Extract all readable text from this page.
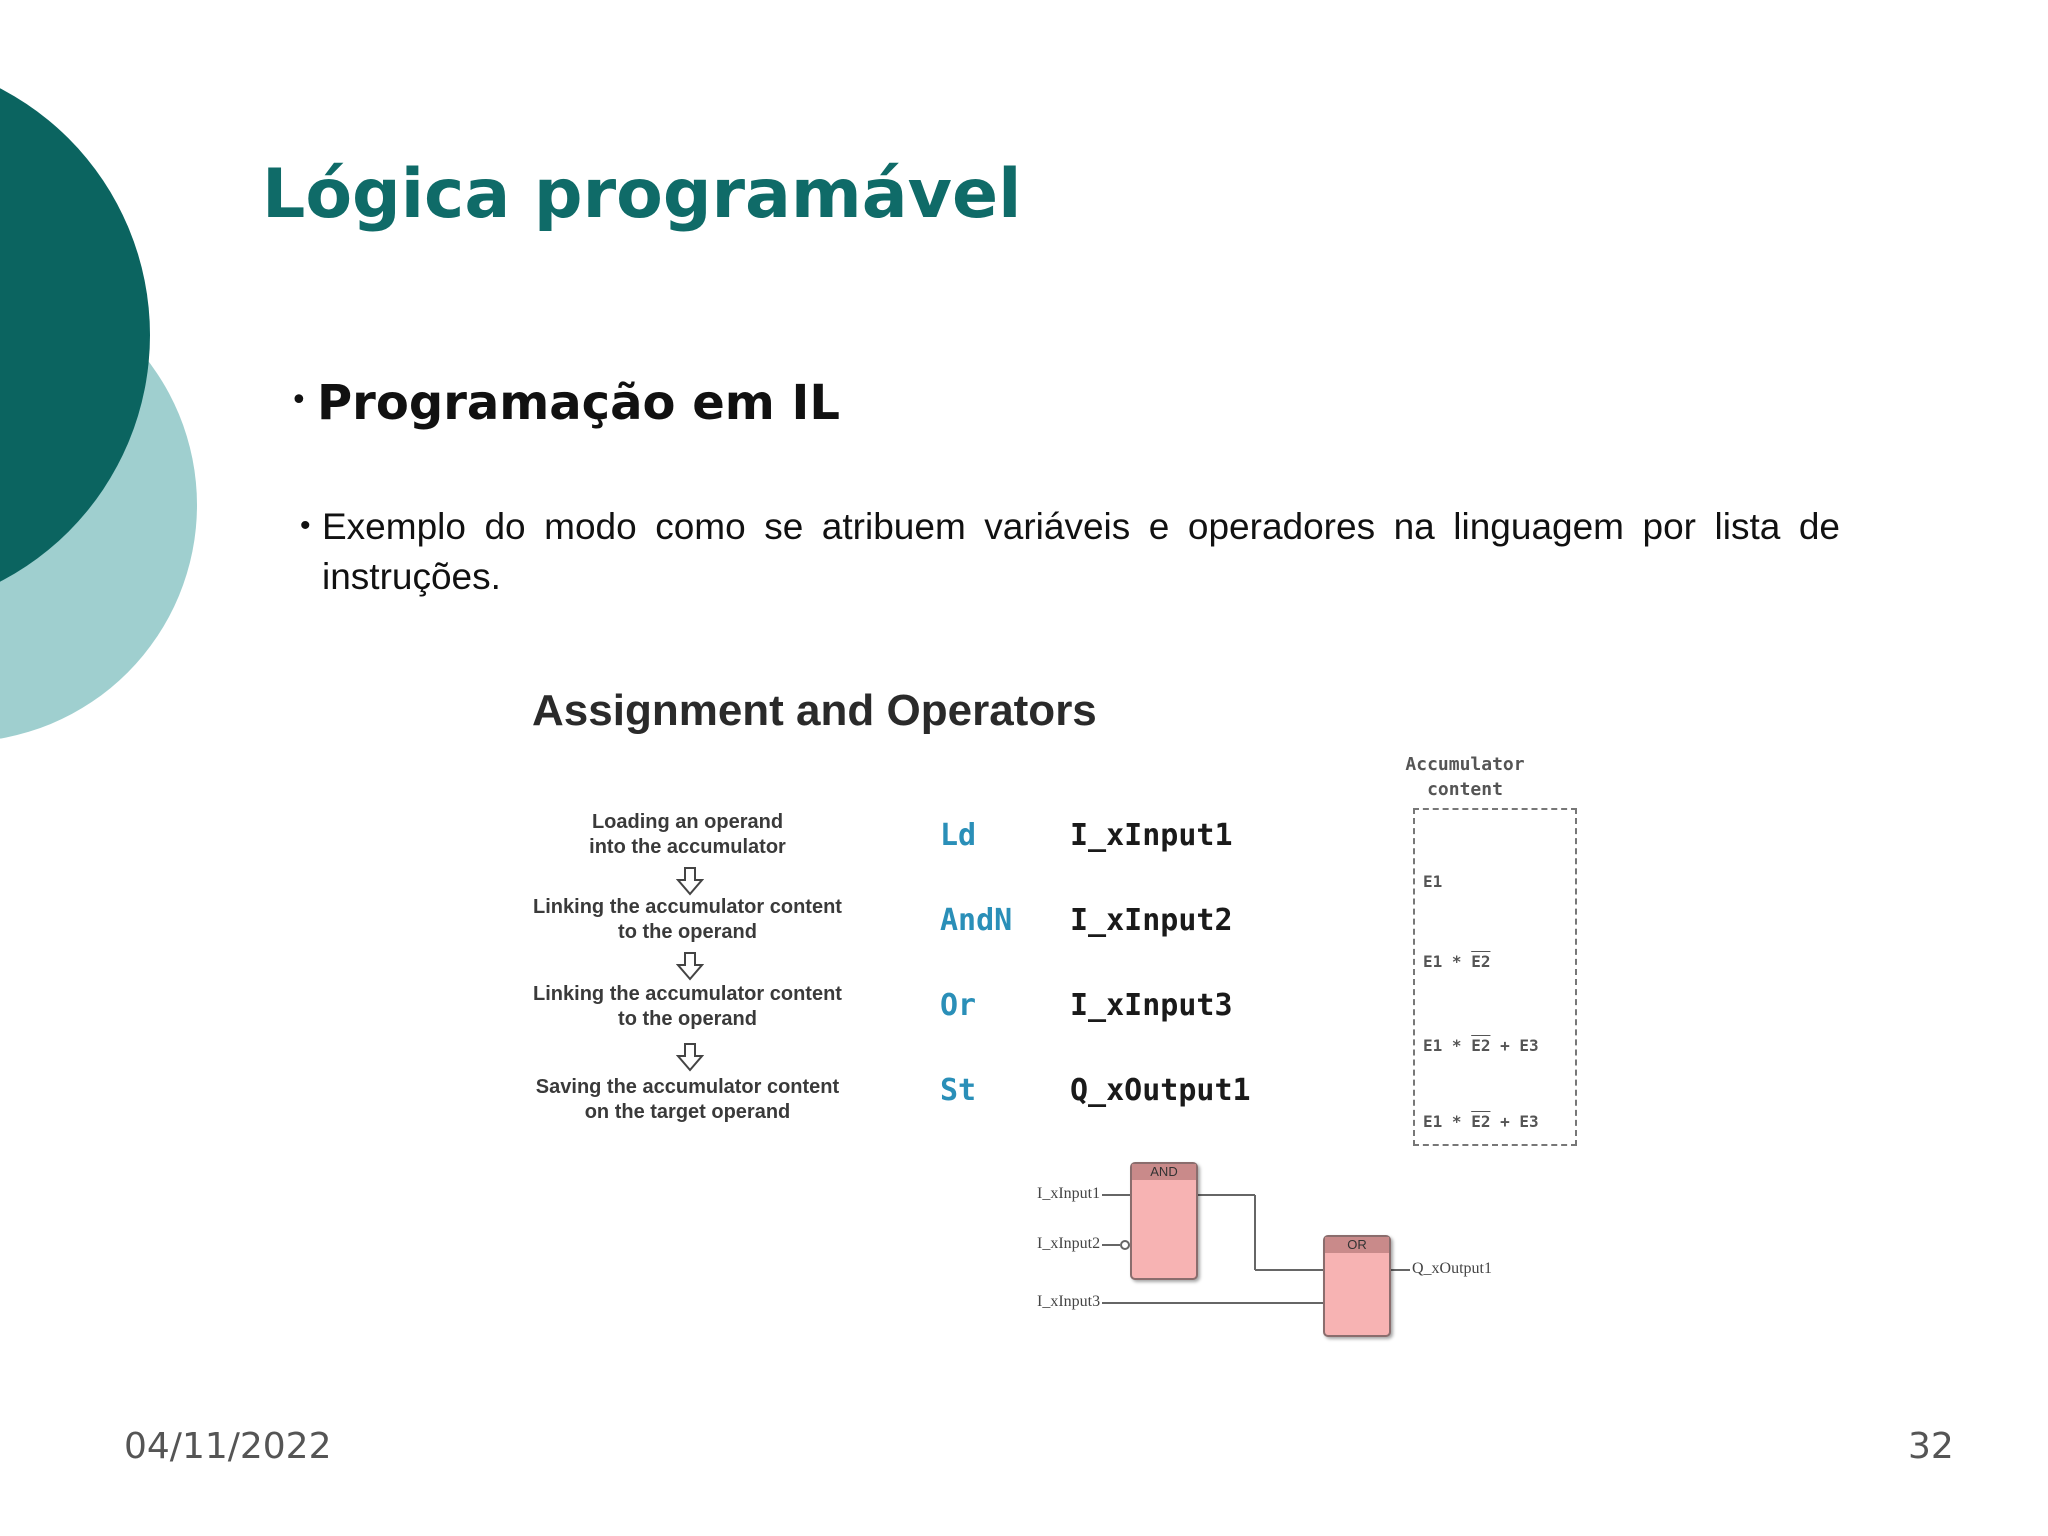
Lógica programável
• Programação em IL
• Exemplo do modo como se atribuem variáveis e operadores na linguagem por lista de instruções.
Assignment and Operators
Loading an operand
into the accumulator
Linking the accumulator content
to the operand
Linking the accumulator content
to the operand
Saving the accumulator content
on the target operand
Ld	I_xInput1
AndN I_xInput2
Or	I_xInput3
St	Q_xOutput1
Accumulator
content
E1
E1 * E2
E1 * E2 + E3
E1 * E2 + E3
I_xInput1
I_xInput2
I_xInput3
Q_xOutput1
AND
OR
04/11/2022	32
